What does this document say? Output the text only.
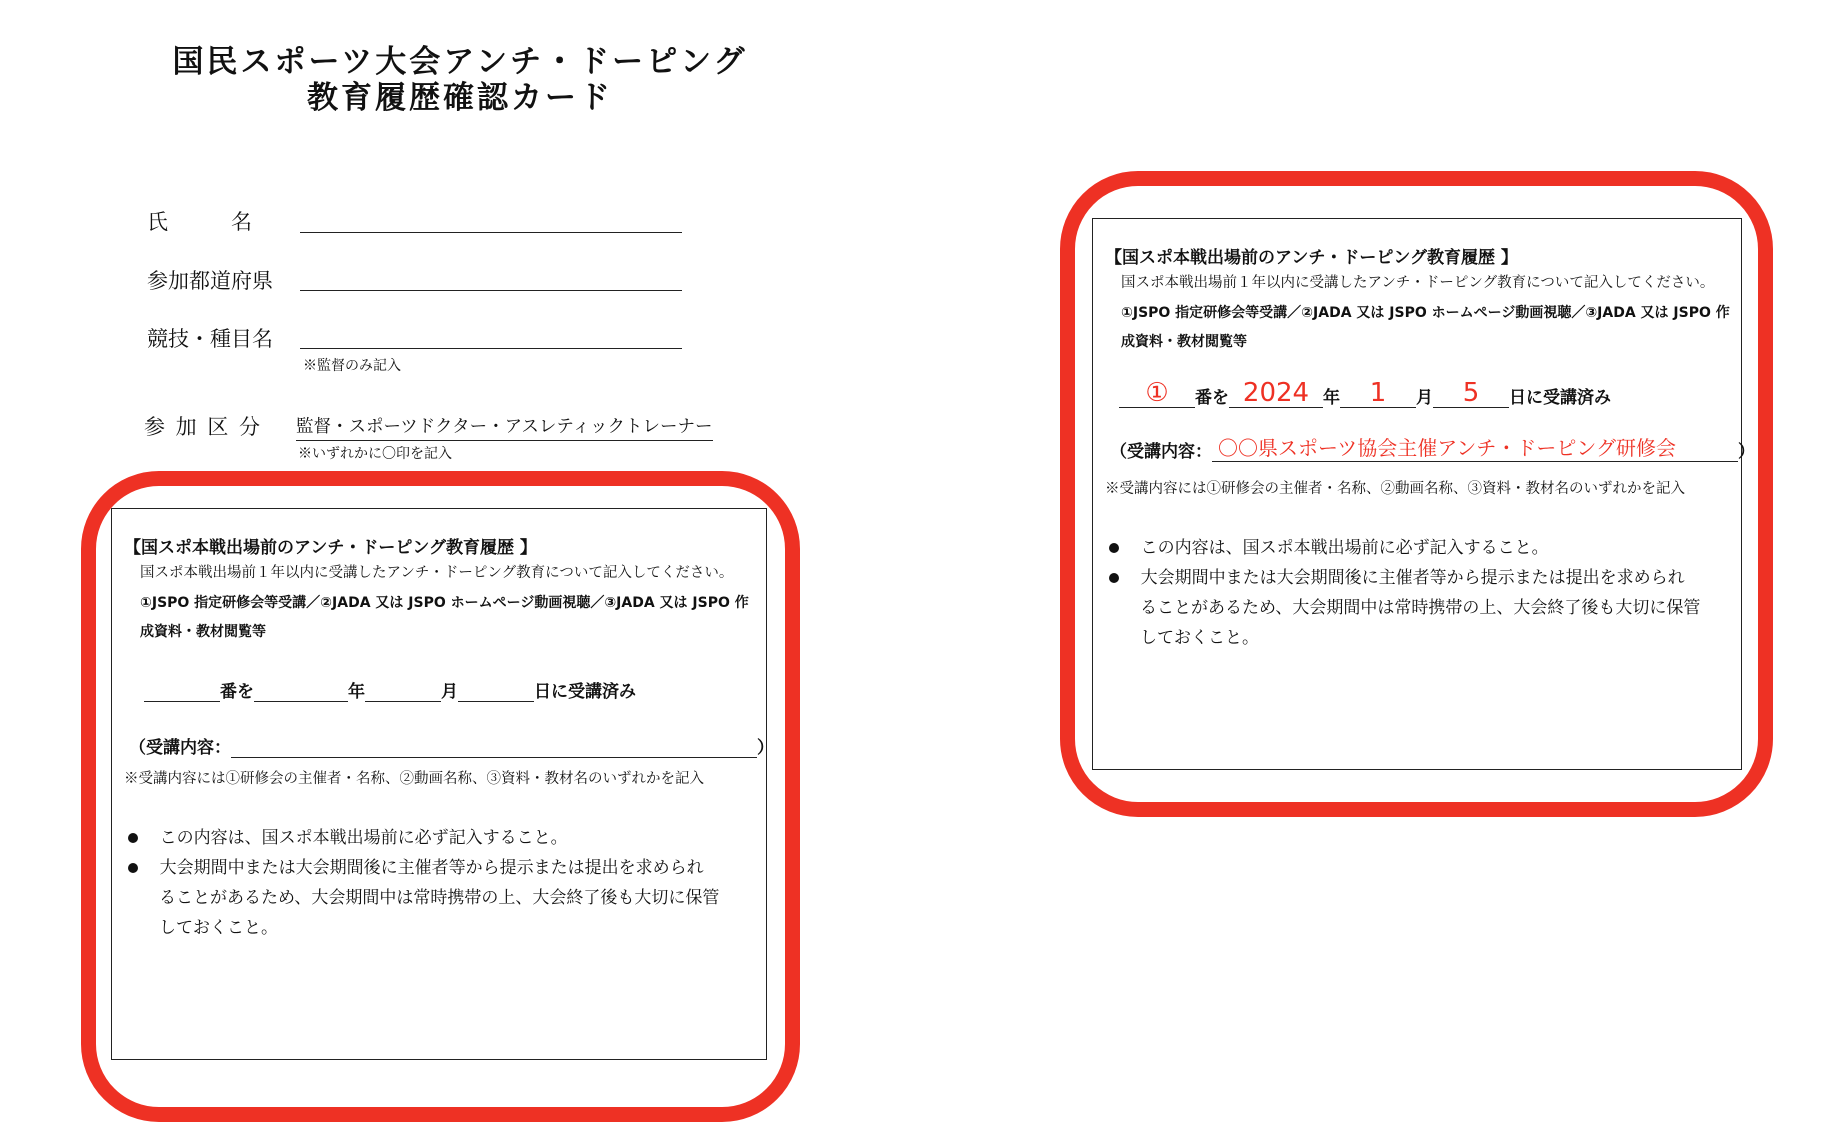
国民スポーツ大会アンチ・ドーピング
教育履歴確認カード
氏　　　名
参加都道府県
競技・種目名
※監督のみ記入
参 加 区 分 監督・スポーツドクター・アスレティックトレーナー
※いずれかに〇印を記入
【国スポ本戦出場前のアンチ・ドーピング教育履歴 】
国スポ本戦出場前１年以内に受講したアンチ・ドーピング教育について記入してください。
①JSPO 指定研修会等受講／②JADA 又は JSPO ホームページ動画視聴／③JADA 又は JSPO 作
成資料・教材閲覧等
番を	年	月	日に受講済み
（受講内容：	）
※受講内容には①研修会の主催者・名称、②動画名称、③資料・教材名のいずれかを記入
この内容は、国スポ本戦出場前に必ず記入すること。
大会期間中または大会期間後に主催者等から提示または提出を求められ
ることがあるため、大会期間中は常時携帯の上、大会終了後も大切に保管
しておくこと。
【国スポ本戦出場前のアンチ・ドーピング教育履歴 】
国スポ本戦出場前１年以内に受講したアンチ・ドーピング教育について記入してください。
①JSPO 指定研修会等受講／②JADA 又は JSPO ホームページ動画視聴／③JADA 又は JSPO 作
成資料・教材閲覧等
① 番を 2024 年 1 月 5 日に受講済み
（受講内容： 〇〇県スポーツ協会主催アンチ・ドーピング研修会	）
※受講内容には①研修会の主催者・名称、②動画名称、③資料・教材名のいずれかを記入
この内容は、国スポ本戦出場前に必ず記入すること。
大会期間中または大会期間後に主催者等から提示または提出を求められ
ることがあるため、大会期間中は常時携帯の上、大会終了後も大切に保管
しておくこと。
